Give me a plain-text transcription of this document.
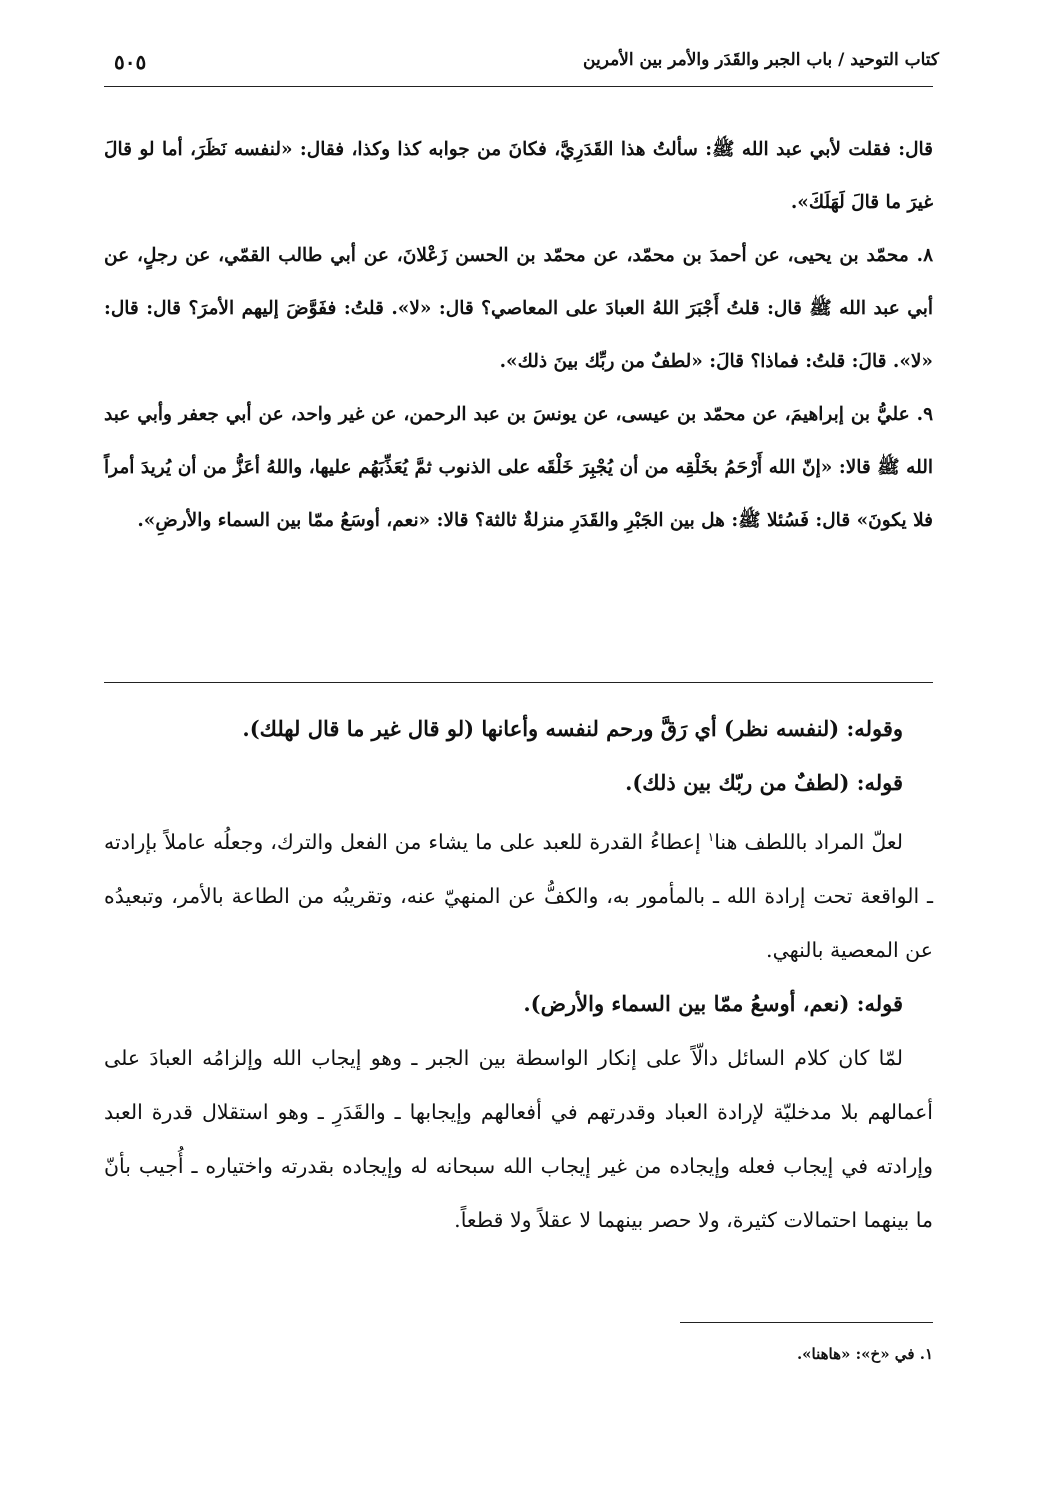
٥٠٥	كتاب التوحيد / باب الجبر والقَدَر والأمر بين الأمرين

قال: فقلت لأبي عبد الله ﷺ: سألتُ هذا القَدَرِيَّ، فكانَ من جوابه كذا وكذا، فقال: «لنفسه نَظَرَ، أما لو قالَ غيرَ ما قالَ لَهَلَكَ».

٨. محمّد بن يحيى، عن أحمدَ بن محمّد، عن محمّد بن الحسن زَعْلانَ، عن أبي طالب القمّي، عن رجلٍ، عن أبي عبد الله ﷺ قال: قلتُ أَجْبَرَ اللهُ العبادَ على المعاصي؟ قال: «لا». قلتُ: ففَوَّضَ إليهم الأمرَ؟ قال: قال: «لا». قالَ: قلتُ: فماذا؟ قالَ: «لطفٌ من ربِّك بينَ ذلك».

٩. عليُّ بن إبراهيمَ، عن محمّد بن عيسى، عن يونسَ بن عبد الرحمن، عن غير واحد، عن أبي جعفر وأبي عبد الله ﷺ قالا: «إنّ الله أَرْحَمُ بخَلْقِه من أن يُجْبِرَ خَلْقَه على الذنوب ثمَّ يُعَذِّبَهُم عليها، واللهُ أعَزُّ من أن يُريدَ أمراً فلا يكونَ» قال: فَسُئلا ﷺ: هل بين الجَبْرِ والقَدَرِ منزلةٌ ثالثة؟ قالا: «نعم، أوسَعُ ممّا بين السماء والأرضِ».

وقوله: (لنفسه نظر) أي رَقَّ ورحم لنفسه وأعانها (لو قال غير ما قال لهلك).

قوله: (لطفٌ من ربّك بين ذلك).

لعلّ المراد باللطف هنا$^١$ إعطاءُ القدرة للعبد على ما يشاء من الفعل والترك، وجعلُه عاملاً بإرادته ـ الواقعة تحت إرادة الله ـ بالمأمور به، والكفُّ عن المنهيّ عنه، وتقريبُه من الطاعة بالأمر، وتبعيدُه عن المعصية بالنهي.

قوله: (نعم، أوسعُ ممّا بين السماء والأرض).

لمّا كان كلام السائل دالّاً على إنكار الواسطة بين الجبر ـ وهو إيجاب الله وإلزامُه العبادَ على أعمالهم بلا مدخليّة لإرادة العباد وقدرتهم في أفعالهم وإيجابها ـ والقَدَرِ ـ وهو استقلال قدرة العبد وإرادته في إيجاب فعله وإيجاده من غير إيجاب الله سبحانه له وإيجاده بقدرته واختياره ـ أُجيب بأنّ ما بينهما احتمالات كثيرة، ولا حصر بينهما لا عقلاً ولا قطعاً.

١. في «خ»: «هاهنا».
